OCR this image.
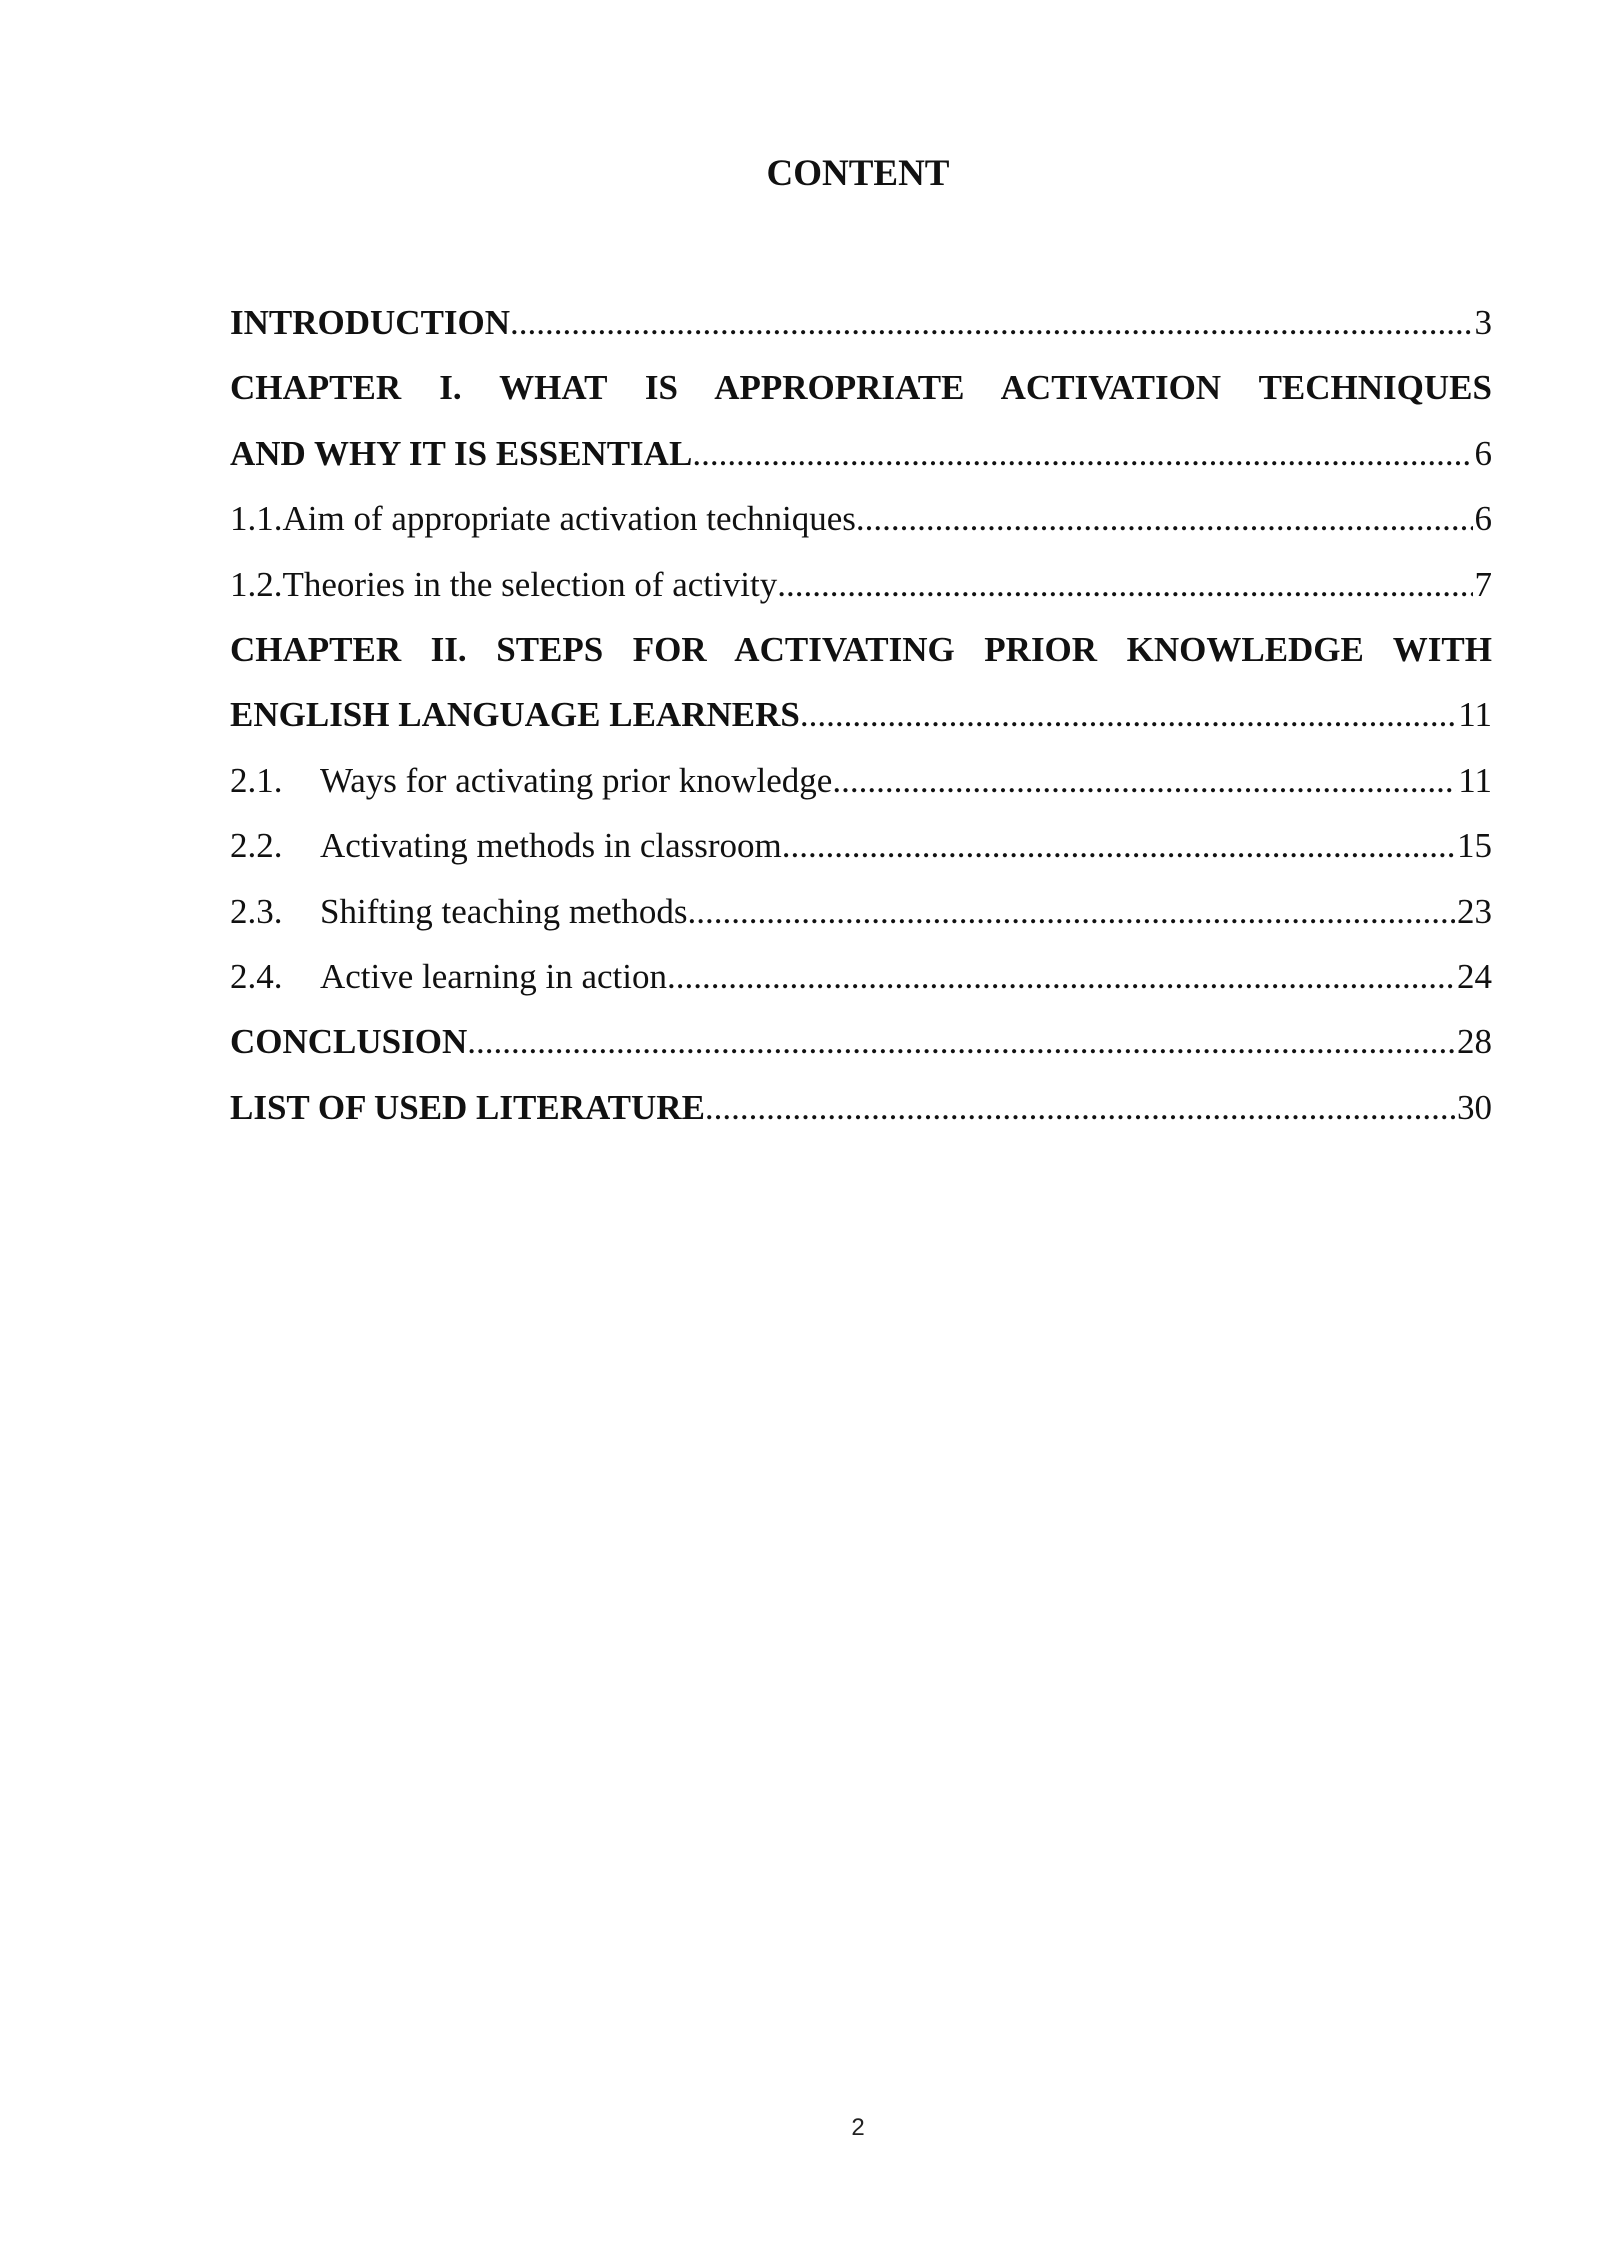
CONTENT
INTRODUCTION .....	3
CHAPTER I. WHAT IS APPROPRIATE ACTIVATION TECHNIQUES
AND WHY IT IS ESSENTIAL .....	6
1.1.Aim of appropriate activation techniques .....	6
1.2.Theories in the selection of activity .....	7
CHAPTER II. STEPS FOR ACTIVATING PRIOR KNOWLEDGE WITH
ENGLISH LANGUAGE LEARNERS .....	11
2.1.	Ways for activating prior knowledge .....	11
2.2.	Activating methods in classroom .....	15
2.3.	Shifting teaching methods .....	23
2.4.	Active learning in action .....	24
CONCLUSION .....	28
LIST OF USED LITERATURE .....	30
2
